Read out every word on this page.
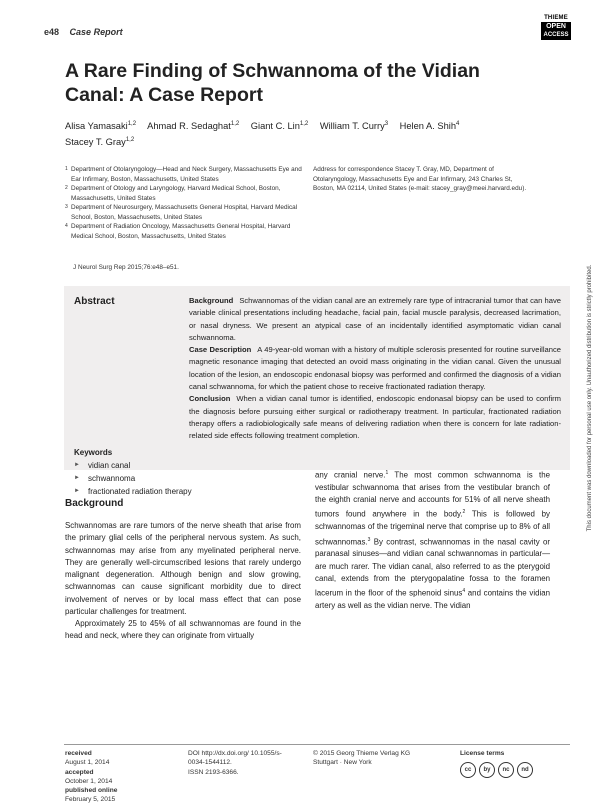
e48 Case Report
THIEME
OPEN
ACCESS
A Rare Finding of Schwannoma of the Vidian Canal: A Case Report
Alisa Yamasaki$^{1,2}$ Ahmad R. Sedaghat$^{1,2}$ Giant C. Lin$^{1,2}$ William T. Curry$^3$ Helen A. Shih$^4$
Stacey T. Gray$^{1,2}$
1 Department of Otolaryngology—Head and Neck Surgery, Massachusetts Eye and Ear Infirmary, Boston, Massachusetts, United States
2 Department of Otology and Laryngology, Harvard Medical School, Boston, Massachusetts, United States
3 Department of Neurosurgery, Massachusetts General Hospital, Harvard Medical School, Boston, Massachusetts, United States
4 Department of Radiation Oncology, Massachusetts General Hospital, Harvard Medical School, Boston, Massachusetts, United States
Address for correspondence Stacey T. Gray, MD, Department of Otolaryngology, Massachusetts Eye and Ear Infirmary, 243 Charles St, Boston, MA 02114, United States (e-mail: stacey_gray@meei.harvard.edu).
J Neurol Surg Rep 2015;76:e48–e51.
Abstract	Background Schwannomas of the vidian canal are an extremely rare type of intracranial tumor that can have variable clinical presentations including headache, facial pain, facial muscle paralysis, decreased lacrimation, or nasal dryness. We present an atypical case of an incidentally identified asymptomatic vidian canal schwannoma.
Case Description A 49-year-old woman with a history of multiple sclerosis presented for routine surveillance magnetic resonance imaging that detected an ovoid mass originating in the vidian canal. Given the unusual location of the lesion, an endoscopic endonasal biopsy was performed and confirmed the diagnosis of a vidian canal schwannoma, for which the patient chose to receive fractionated radiation therapy.
Conclusion When a vidian canal tumor is identified, endoscopic endonasal biopsy can be used to confirm the diagnosis before pursuing either surgical or radiotherapy treatment. In particular, fractionated radiation therapy offers a radiobiologically safe means of delivering radiation when there is concern for late radiation-related side effects following treatment completion.
Keywords
► vidian canal
► schwannoma
► fractionated radiation therapy
Background

Schwannomas are rare tumors of the nerve sheath that arise from the primary glial cells of the peripheral nervous system. As such, schwannomas may arise from any myelinated peripheral nerve. They are generally well-circumscribed lesions that rarely undergo malignant degeneration. Although benign and slow growing, schwannomas can cause significant morbidity due to direct involvement of nerves or by local mass effect that can pose particular challenges for treatment.

Approximately 25 to 45% of all schwannomas are found in the head and neck, where they can originate from virtually

any cranial nerve.$^1$ The most common schwannoma is the vestibular schwannoma that arises from the vestibular branch of the eighth cranial nerve and accounts for 51% of all nerve sheath tumors found anywhere in the body.$^2$ This is followed by schwannomas of the trigeminal nerve that comprise up to 8% of all schwannomas.$^3$ By contrast, schwannomas in the nasal cavity or paranasal sinuses—and vidian canal schwannomas in particular—are much rarer. The vidian canal, also referred to as the pterygoid canal, extends from the pterygopalatine fossa to the foramen lacerum in the floor of the sphenoid sinus$^4$ and contains the vidian artery as well as the vidian nerve. The vidian

received
August 1, 2014
accepted
October 1, 2014
published online
February 5, 2015
DOI http://dx.doi.org/ 10.1055/s-0034-1544112.
ISSN 2193-6366.
© 2015 Georg Thieme Verlag KG Stuttgart · New York
License terms
cc	by	nc	nd
This document was downloaded for personal use only. Unauthorized distribution is strictly prohibited.
